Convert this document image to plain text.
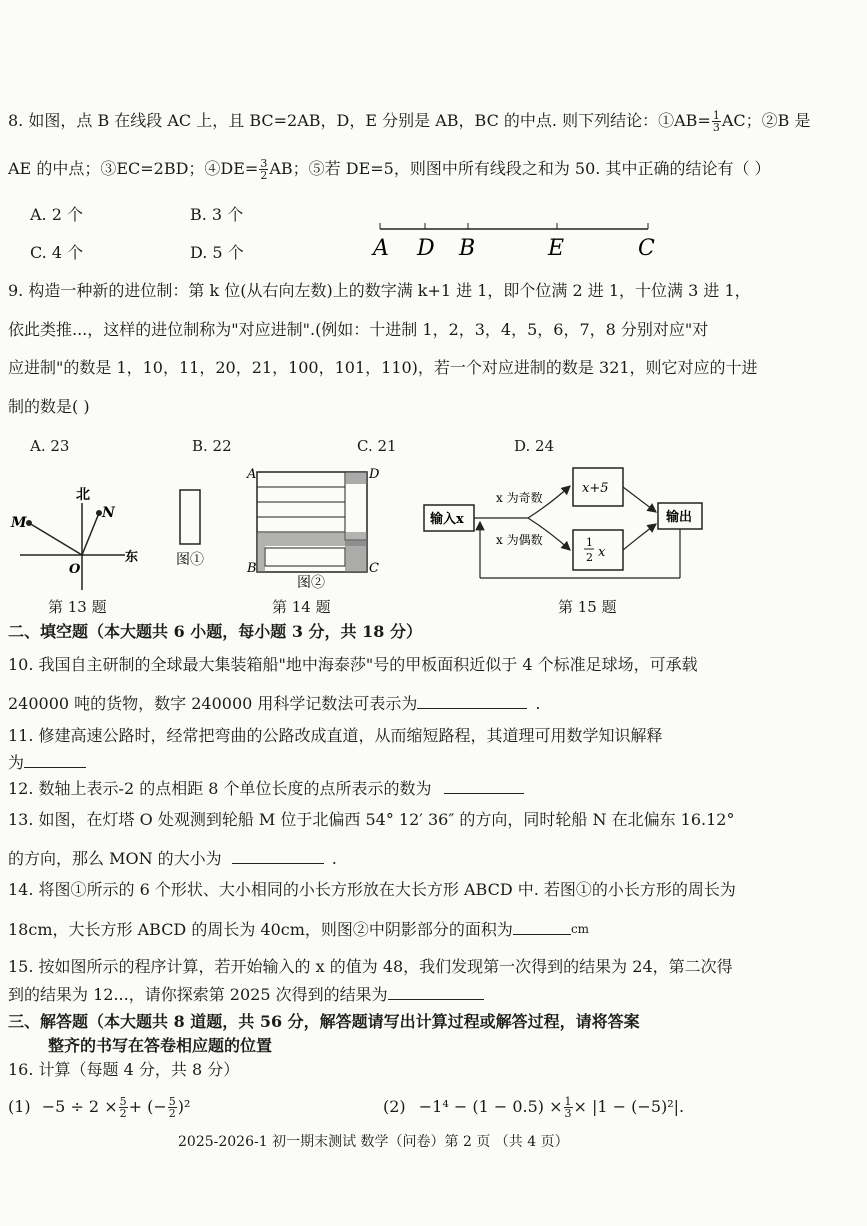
8. 如图，点 B 在线段 AC 上，且 BC=2AB，D，E 分别是 AB，BC 的中点. 则下列结论：①AB= $\frac{1}{3}$ AC；②B 是
AE 的中点；③EC=2BD；④DE= $\frac{3}{2}$ AB；⑤若 DE=5，则图中所有线段之和为 50. 其中正确的结论有（ ）
A. 2 个	B. 3 个
C. 4 个	D. 5 个	A D B	E	C
9. 构造一种新的进位制：第 k 位(从右向左数)上的数字满 k+1 进 1，即个位满 2 进 1，十位满 3 进 1，
依此类推...，这样的进位制称为"对应进制".(例如：十进制 1，2，3，4，5，6，7，8 分别对应"对
应进制"的数是 1，10，11，20，21，100，101，110)，若一个对应进制的数是 321，则它对应的十进
制的数是( )
A. 23	B. 22	C. 21	D. 24
北
东
M
N
O
第 13 题
A
B	C
D
图①
图②
第 14 题
输入x
x 为奇数
x 为偶数
x+5
1
2 x
输出
第 15 题
二、填空题（本大题共 6 小题，每小题 3 分，共 18 分）
10. 我国自主研制的全球最大集装箱船"地中海泰莎"号的甲板面积近似于 4 个标准足球场，可承载
240000 吨的货物，数字 240000 用科学记数法可表示为	.
11. 修建高速公路时，经常把弯曲的公路改成直道，从而缩短路程，其道理可用数学知识解释
为
12. 数轴上表示-2 的点相距 8 个单位长度的点所表示的数为
13. 如图，在灯塔 O 处观测到轮船 M 位于北偏西 54° 12′ 36″ 的方向，同时轮船 N 在北偏东 16.12°
的方向，那么 MON 的大小为	.
14. 将图①所示的 6 个形状、大小相同的小长方形放在大长方形 ABCD 中. 若图①的小长方形的周长为
18cm，大长方形 ABCD 的周长为 40cm，则图②中阴影部分的面积为	$^{cm}$
15. 按如图所示的程序计算，若开始输入的 x 的值为 48，我们发现第一次得到的结果为 24，第二次得
到的结果为 12...，请你探索第 2025 次得到的结果为
三、解答题（本大题共 8 道题，共 56 分，解答题请写出计算过程或解答过程，请将答案
整齐的书写在答卷相应题的位置
16. 计算（每题 4 分，共 8 分）
$(1) -5 \div 2 \times \frac{5}{2}$ + (− $\frac{5}{2} )^2$	$(2) -1^4 - (1 - 0.5) \times \frac{1}{3} \times |1 - (-5)^2|$.
2025-2026-1 初一期末测试 数学（问卷）第 2 页 （共 4 页）
